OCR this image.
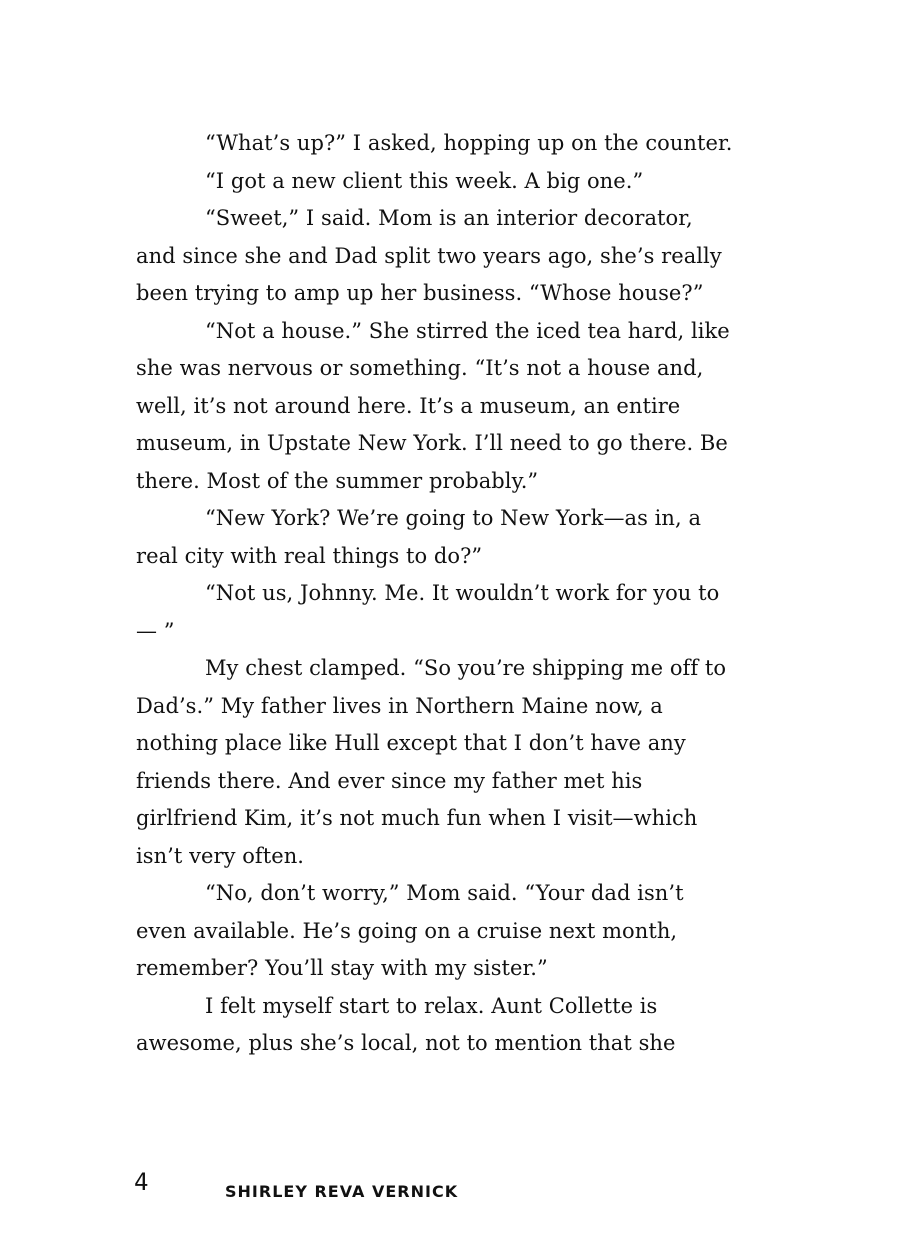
“What’s up?” I asked, hopping up on the counter.

“I got a new client this week. A big one.”

“Sweet,” I said. Mom is an interior decorator, and since she and Dad split two years ago, she’s really been trying to amp up her business. “Whose house?”

“Not a house.” She stirred the iced tea hard, like she was nervous or something. “It’s not a house and, well, it’s not around here. It’s a museum, an entire museum, in Upstate New York. I’ll need to go there. Be there. Most of the summer probably.”

“New York? We’re going to New York—as in, a real city with real things to do?”

“Not us, Johnny. Me. It wouldn’t work for you to— ”

My chest clamped. “So you’re shipping me off to Dad’s.” My father lives in Northern Maine now, a nothing place like Hull except that I don’t have any friends there. And ever since my father met his girlfriend Kim, it’s not much fun when I visit—which isn’t very often.

“No, don’t worry,” Mom said. “Your dad isn’t even available. He’s going on a cruise next month, remember? You’ll stay with my sister.”

I felt myself start to relax. Aunt Collette is awesome, plus she’s local, not to mention that she

4	SHIRLEY REVA VERNICK
